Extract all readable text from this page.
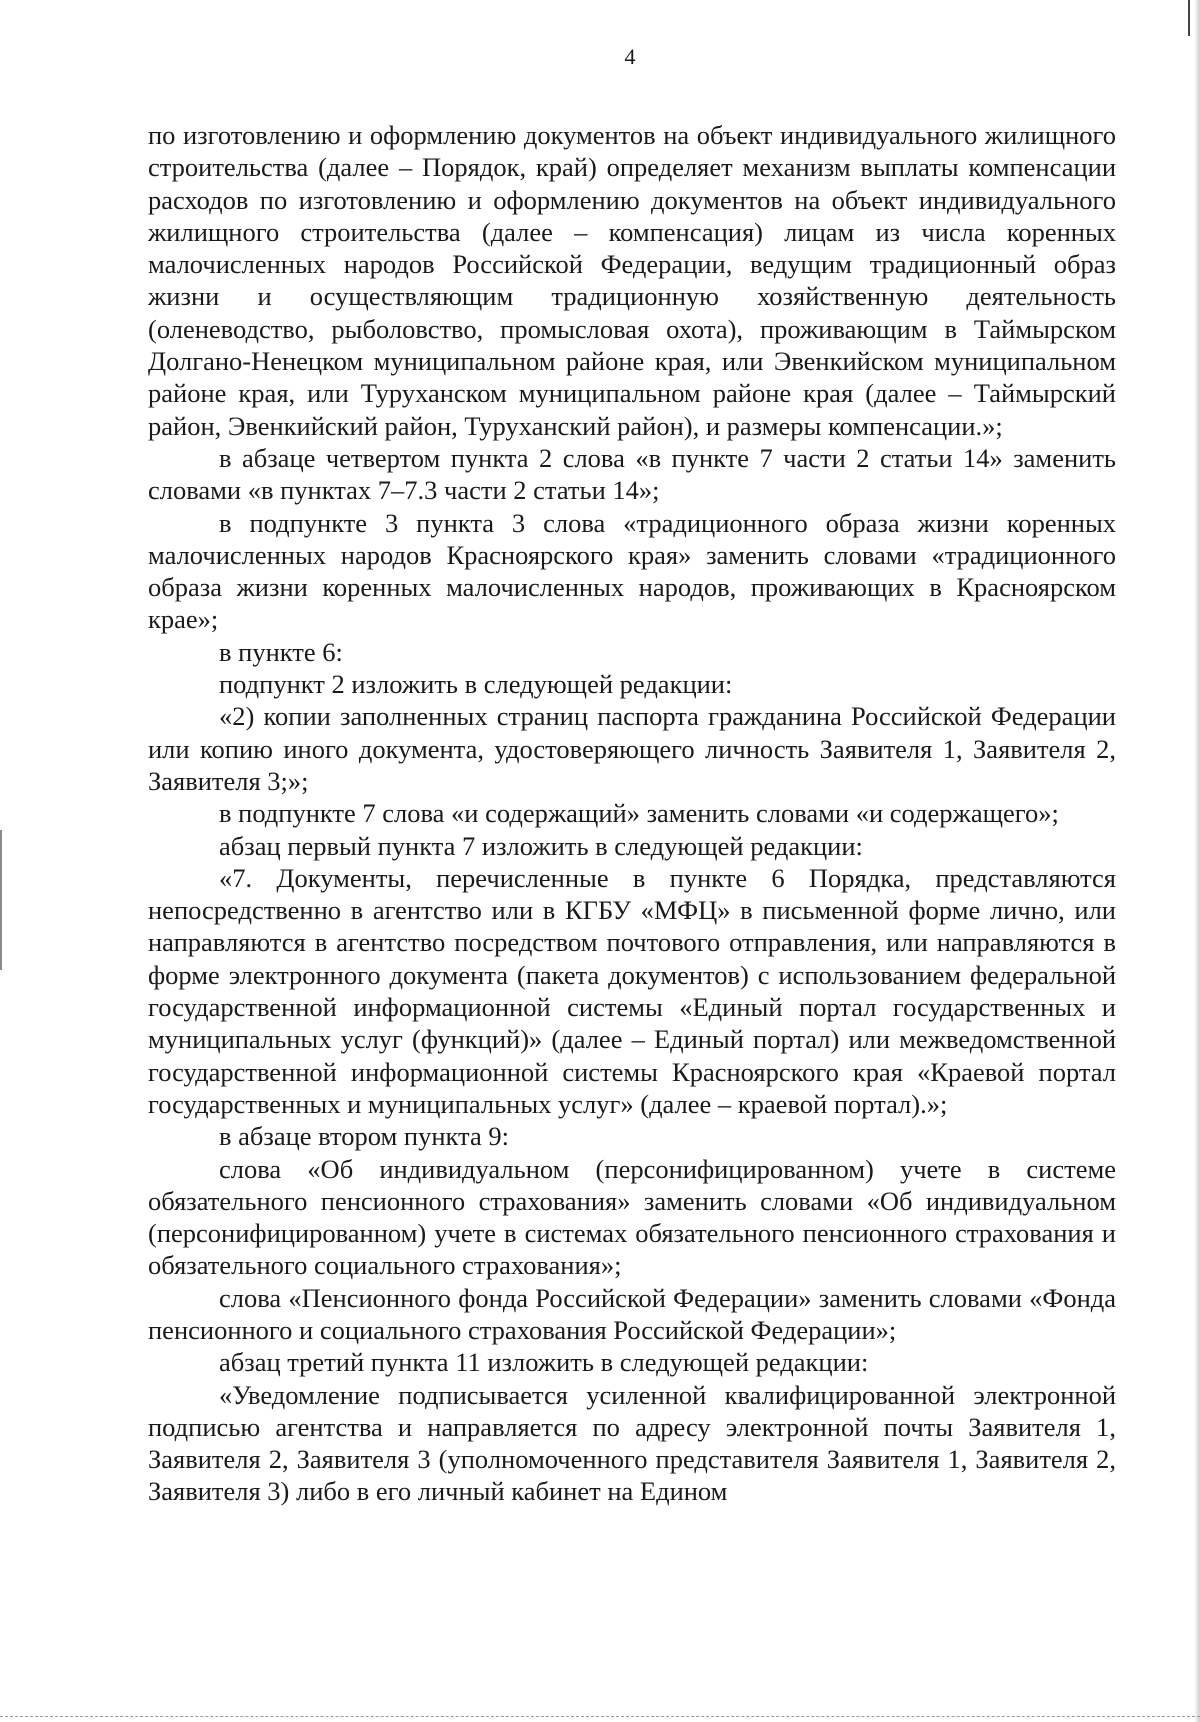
4

по изготовлению и оформлению документов на объект индивидуального жилищного строительства (далее – Порядок, край) определяет механизм выплаты компенсации расходов по изготовлению и оформлению документов на объект индивидуального жилищного строительства (далее – компенсация) лицам из числа коренных малочисленных народов Российской Федерации, ведущим традиционный образ жизни и осуществляющим традиционную хозяйственную деятельность (оленеводство, рыболовство, промысловая охота), проживающим в Таймырском Долгано-Ненецком муниципальном районе края, или Эвенкийском муниципальном районе края, или Туруханском муниципальном районе края (далее – Таймырский район, Эвенкийский район, Туруханский район), и размеры компенсации.»;

в абзаце четвертом пункта 2 слова «в пункте 7 части 2 статьи 14» заменить словами «в пунктах 7–7.3 части 2 статьи 14»;

в подпункте 3 пункта 3 слова «традиционного образа жизни коренных малочисленных народов Красноярского края» заменить словами «традиционного образа жизни коренных малочисленных народов, проживающих в Красноярском крае»;

в пункте 6:

подпункт 2 изложить в следующей редакции:

«2) копии заполненных страниц паспорта гражданина Российской Федерации или копию иного документа, удостоверяющего личность Заявителя 1, Заявителя 2, Заявителя 3;»;

в подпункте 7 слова «и содержащий» заменить словами «и содержащего»;

абзац первый пункта 7 изложить в следующей редакции:

«7. Документы, перечисленные в пункте 6 Порядка, представляются непосредственно в агентство или в КГБУ «МФЦ» в письменной форме лично, или направляются в агентство посредством почтового отправления, или направляются в форме электронного документа (пакета документов) с использованием федеральной государственной информационной системы «Единый портал государственных и муниципальных услуг (функций)» (далее – Единый портал) или межведомственной государственной информационной системы Красноярского края «Краевой портал государственных и муниципальных услуг» (далее – краевой портал).»;

в абзаце втором пункта 9:

слова «Об индивидуальном (персонифицированном) учете в системе обязательного пенсионного страхования» заменить словами «Об индивидуальном (персонифицированном) учете в системах обязательного пенсионного страхования и обязательного социального страхования»;

слова «Пенсионного фонда Российской Федерации» заменить словами «Фонда пенсионного и социального страхования Российской Федерации»;

абзац третий пункта 11 изложить в следующей редакции:

«Уведомление подписывается усиленной квалифицированной электронной подписью агентства и направляется по адресу электронной почты Заявителя 1, Заявителя 2, Заявителя 3 (уполномоченного представителя Заявителя 1, Заявителя 2, Заявителя 3) либо в его личный кабинет на Едином
